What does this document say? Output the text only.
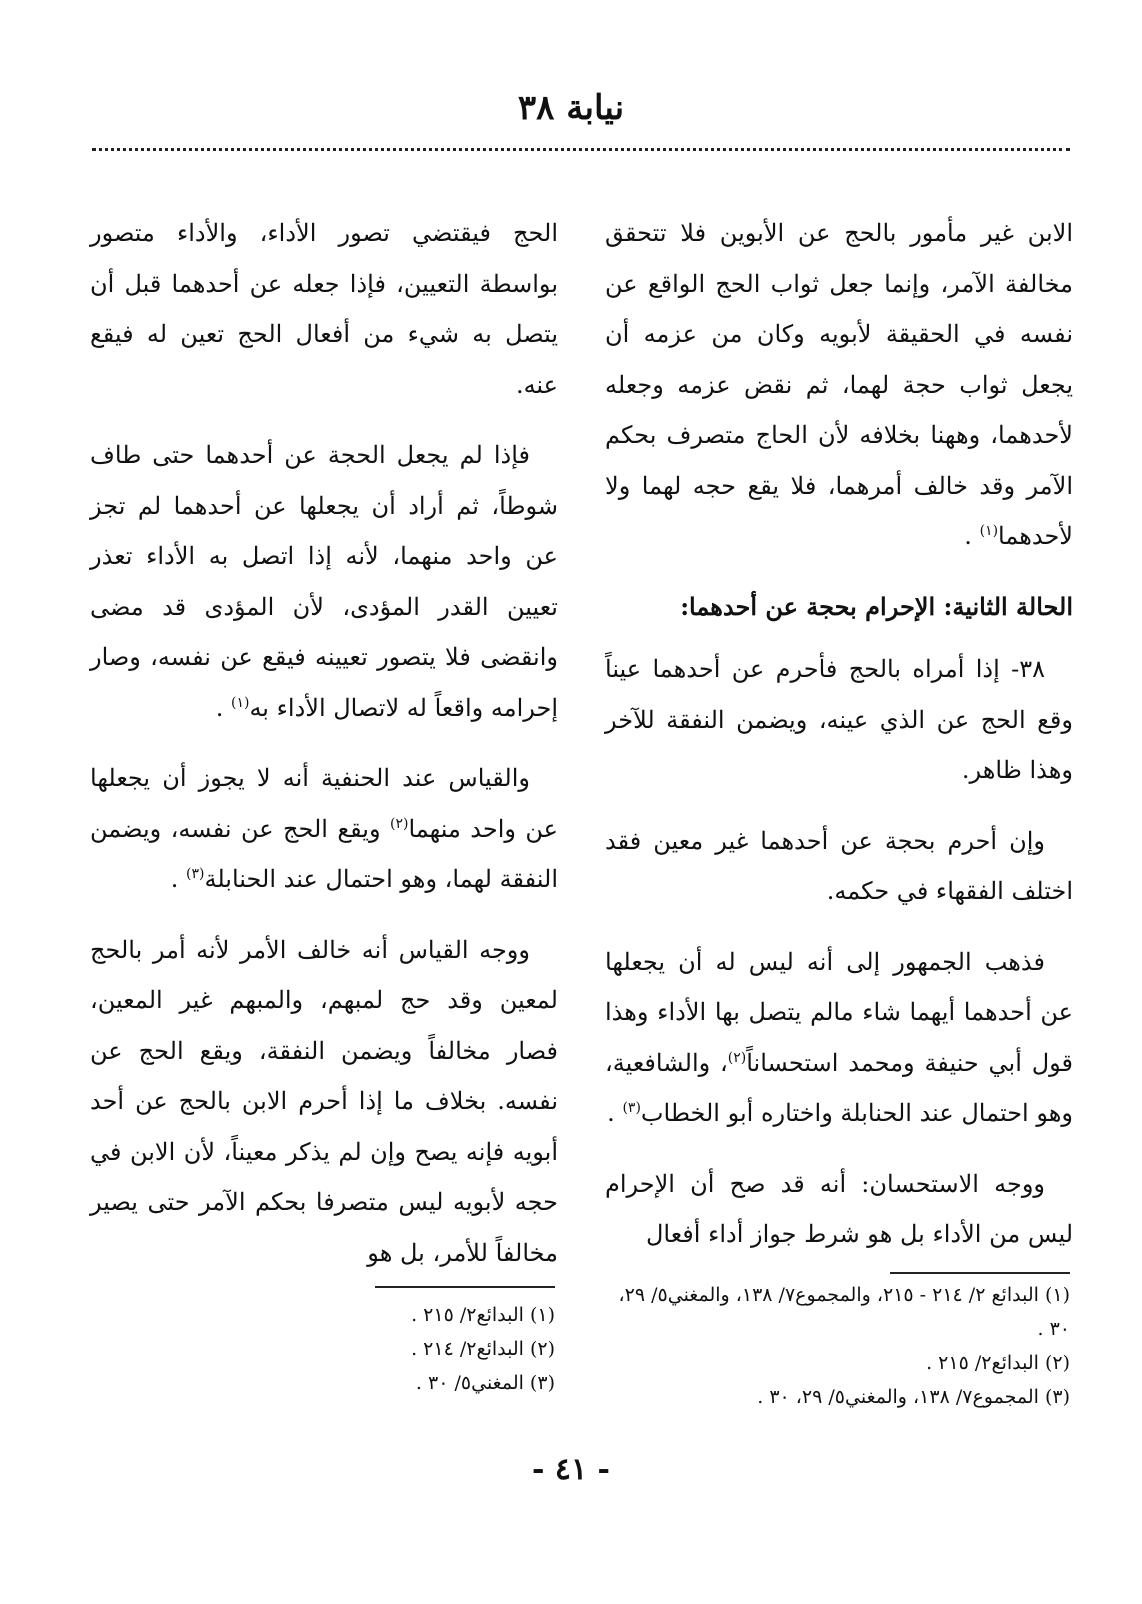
نيابة ٣٨

الابن غير مأمور بالحج عن الأبوين فلا تتحقق مخالفة الآمر، وإنما جعل ثواب الحج الواقع عن نفسه في الحقيقة لأبويه وكان من عزمه أن يجعل ثواب حجة لهما، ثم نقض عزمه وجعله لأحدهما، وههنا بخلافه لأن الحاج متصرف بحكم الآمر وقد خالف أمرهما، فلا يقع حجه لهما ولا لأحدهما$^{(١)}$ .

الحالة الثانية: الإحرام بحجة عن أحدهما:

٣٨- إذا أمراه بالحج فأحرم عن أحدهما عيناً وقع الحج عن الذي عينه، ويضمن النفقة للآخر وهذا ظاهر.

وإن أحرم بحجة عن أحدهما غير معين فقد اختلف الفقهاء في حكمه.

فذهب الجمهور إلى أنه ليس له أن يجعلها عن أحدهما أيهما شاء مالم يتصل بها الأداء وهذا قول أبي حنيفة ومحمد استحساناً$^{(٢)}$، والشافعية، وهو احتمال عند الحنابلة واختاره أبو الخطاب$^{(٣)}$ .

ووجه الاستحسان: أنه قد صح أن الإحرام ليس من الأداء بل هو شرط جواز أداء أفعال

الحج فيقتضي تصور الأداء، والأداء متصور بواسطة التعيين، فإذا جعله عن أحدهما قبل أن يتصل به شيء من أفعال الحج تعين له فيقع عنه.

فإذا لم يجعل الحجة عن أحدهما حتى طاف شوطاً، ثم أراد أن يجعلها عن أحدهما لم تجز عن واحد منهما، لأنه إذا اتصل به الأداء تعذر تعيين القدر المؤدى، لأن المؤدى قد مضى وانقضى فلا يتصور تعيينه فيقع عن نفسه، وصار إحرامه واقعاً له لاتصال الأداء به$^{(١)}$ .

والقياس عند الحنفية أنه لا يجوز أن يجعلها عن واحد منهما$^{(٢)}$ ويقع الحج عن نفسه، ويضمن النفقة لهما، وهو احتمال عند الحنابلة$^{(٣)}$ .

ووجه القياس أنه خالف الأمر لأنه أمر بالحج لمعين وقد حج لمبهم، والمبهم غير المعين، فصار مخالفاً ويضمن النفقة، ويقع الحج عن نفسه. بخلاف ما إذا أحرم الابن بالحج عن أحد أبويه فإنه يصح وإن لم يذكر معيناً، لأن الابن في حجه لأبويه ليس متصرفا بحكم الآمر حتى يصير مخالفاً للأمر، بل هو

(١) البدائع ٢/ ٢١٤ - ٢١٥، والمجموع٧/ ١٣٨، والمغني٥/ ٢٩، ٣٠ .
(٢) البدائع٢/ ٢١٥ .
(٣) المجموع٧/ ١٣٨، والمغني٥/ ٢٩، ٣٠ .
(١) البدائع٢/ ٢١٥ .
(٢) البدائع٢/ ٢١٤ .
(٣) المغني٥/ ٣٠ .
- ٤١ -
